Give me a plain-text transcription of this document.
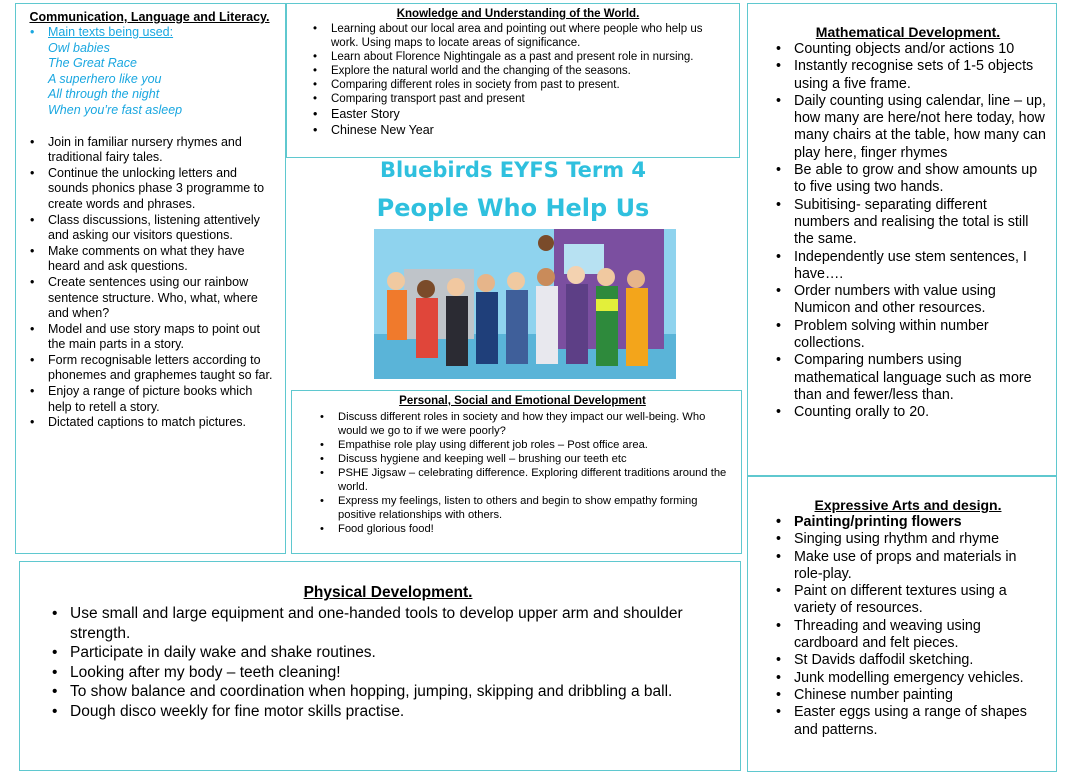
Communication, Language and Literacy.
• Main texts being used:
Owl babies
The Great Race
A superhero like you
All through the night
When you’re fast asleep
• Join in familiar nursery rhymes and traditional fairy tales.
• Continue the unlocking letters and sounds phonics phase 3 programme to create words and phrases.
• Class discussions, listening attentively and asking our visitors questions.
• Make comments on what they have heard and ask questions.
• Create sentences using our rainbow sentence structure. Who, what, where and when?
• Model and use story maps to point out the main parts in a story.
• Form recognisable letters according to phonemes and graphemes taught so far.
• Enjoy a range of picture books which help to retell a story.
• Dictated captions to match pictures.
Knowledge and Understanding of the World.
• Learning about our local area and pointing out where people who help us work. Using maps to locate areas of significance.
• Learn about Florence Nightingale as a past and present role in nursing.
• Explore the natural world and the changing of the seasons.
• Comparing different roles in society from past to present.
• Comparing transport past and present
• Easter Story
• Chinese New Year
Bluebirds EYFS Term 4
People Who Help Us
Personal, Social and Emotional Development
• Discuss different roles in society and how they impact our well-being. Who would we go to if we were poorly?
• Empathise role play using different job roles – Post office area.
• Discuss hygiene and keeping well – brushing our teeth etc
• PSHE Jigsaw – celebrating difference. Exploring different traditions around the world.
• Express my feelings, listen to others and begin to show empathy forming positive relationships with others.
• Food glorious food!
Mathematical Development.
• Counting objects and/or actions 10
• Instantly recognise sets of 1-5 objects using a five frame.
• Daily counting using calendar, line – up, how many are here/not here today, how many chairs at the table, how many can play here, finger rhymes
• Be able to grow and show amounts up to five using two hands.
• Subitising- separating different numbers and realising the total is still the same.
• Independently use stem sentences, I have….
• Order numbers with value using Numicon and other resources.
• Problem solving within number collections.
• Comparing numbers using mathematical language such as more than and fewer/less than.
• Counting orally to 20.
Expressive Arts and design.
• Painting/printing flowers
• Singing using rhythm and rhyme
• Make use of props and materials in role-play.
• Paint on different textures using a variety of resources.
• Threading and weaving using cardboard and felt pieces.
• St Davids daffodil sketching.
• Junk modelling emergency vehicles.
• Chinese number painting
• Easter eggs using a range of shapes and patterns.
Physical Development.
• Use small and large equipment and one-handed tools to develop upper arm and shoulder strength.
• Participate in daily wake and shake routines.
• Looking after my body – teeth cleaning!
• To show balance and coordination when hopping, jumping, skipping and dribbling a ball.
• Dough disco weekly for fine motor skills practise.
